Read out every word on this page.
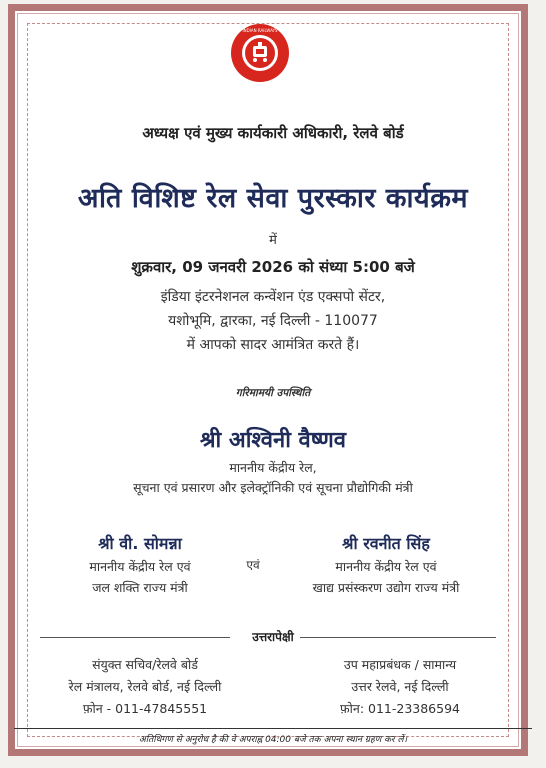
INDIAN RAILWAYS
अध्यक्ष एवं मुख्य कार्यकारी अधिकारी, रेलवे बोर्ड
अति विशिष्ट रेल सेवा पुरस्कार कार्यक्रम
में
शुक्रवार, 09 जनवरी 2026 को संध्या 5:00 बजे
इंडिया इंटरनेशनल कन्वेंशन एंड एक्सपो सेंटर,
यशोभूमि, द्वारका, नई दिल्ली - 110077
में आपको सादर आमंत्रित करते हैं।
गरिमामयी उपस्थिति
श्री अश्विनी वैष्णव
माननीय केंद्रीय रेल,
सूचना एवं प्रसारण और इलेक्ट्रॉनिकी एवं सूचना प्रौद्योगिकी मंत्री
श्री वी. सोमन्ना
माननीय केंद्रीय रेल एवं
जल शक्ति राज्य मंत्री
एवं
श्री रवनीत सिंह
माननीय केंद्रीय रेल एवं
खाद्य प्रसंस्करण उद्योग राज्य मंत्री
उत्तरापेक्षी
संयुक्त सचिव/रेलवे बोर्ड
रेल मंत्रालय, रेलवे बोर्ड, नई दिल्ली
फ़ोन - 011-47845551
उप महाप्रबंधक / सामान्य
उत्तर रेलवे, नई दिल्ली
फ़ोन: 011-23386594
अतिथिगण से अनुरोध है की वे अपराह्न 04:00 बजे तक अपना स्थान ग्रहण कर लें।
